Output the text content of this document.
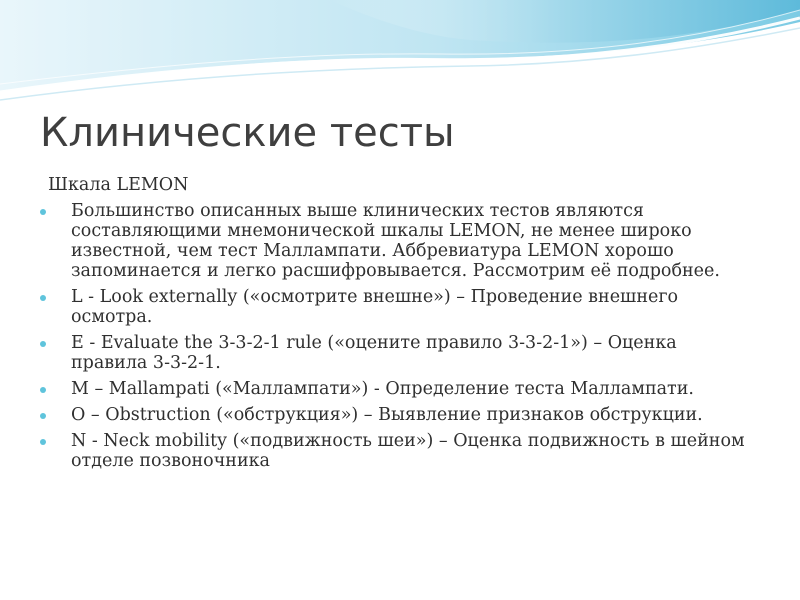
Клинические тесты
Шкала LEMON
Большинство описанных выше клинических тестов являются составляющими мнемонической шкалы LEMON, не менее широко известной, чем тест Маллампати. Аббревиатура LEMON хорошо запоминается и легко расшифровывается. Рассмотрим её подробнее.
L - Look externally («осмотрите внешне») – Проведение внешнего осмотра.
E - Evaluate the 3-3-2-1 rule («оцените правило 3-3-2-1») – Оценка правила 3-3-2-1.
M – Mallampati («Маллампати») - Определение теста Маллампати.
O – Obstruction («обструкция») – Выявление признаков обструкции.
N - Neck mobility («подвижность шеи») – Оценка подвижность в шейном отделе позвоночника
